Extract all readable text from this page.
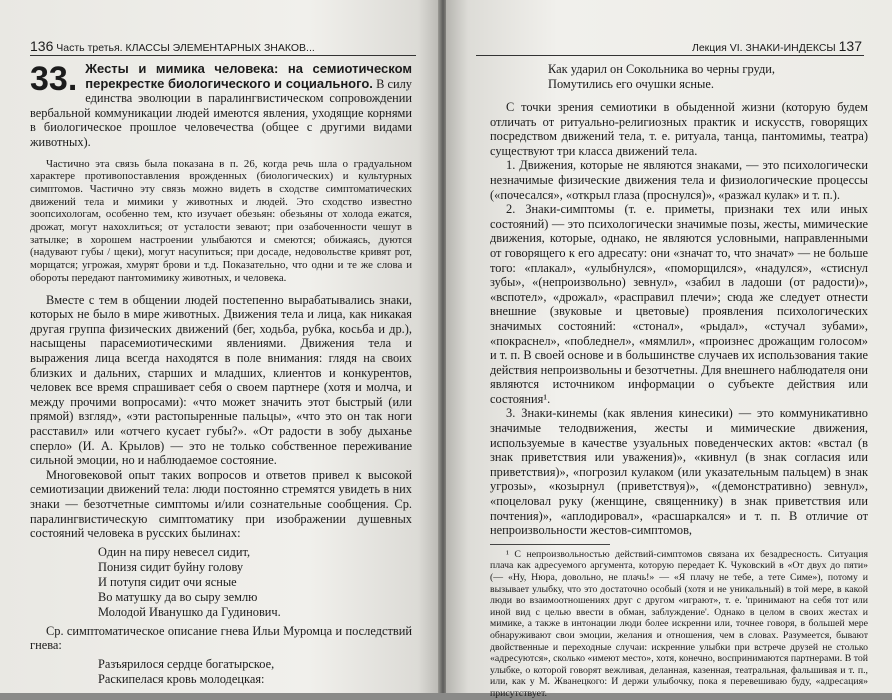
136 Часть третья. КЛАССЫ ЭЛЕМЕНТАРНЫХ ЗНАКОВ...
33. Жесты и мимика человека: на семиотическом перекрестке биологического и социального. В силу единства эволюции в паралингвистическом сопровождении вербальной коммуникации людей имеются явления, уходящие корнями в биологическое прошлое человечества (общее с другими видами животных).

Частично эта связь была показана в п. 26, когда речь шла о градуальном характере противопоставления врожденных (биологических) и культурных симптомов. Частично эту связь можно видеть в сходстве симптоматических движений тела и мимики у животных и людей. Это сходство известно зоопсихологам, особенно тем, кто изучает обезьян: обезьяны от холода ежатся, дрожат, могут нахохлиться; от усталости зевают; при озабоченности чешут в затылке; в хорошем настроении улыбаются и смеются; обижаясь, дуются (надувают губы / щеки), могут насупиться; при досаде, недовольстве кривят рот, морщатся; угрожая, хмурят брови и т.д. Показательно, что одни и те же слова и обороты передают пантомимику животных, и человека.

Вместе с тем в общении людей постепенно вырабатывались знаки, которых не было в мире животных. Движения тела и лица, как никакая другая группа физических движений (бег, ходьба, рубка, косьба и др.), насыщены парасемиотическими явлениями. Движения тела и выражения лица всегда находятся в поле внимания: глядя на своих близких и дальних, старших и младших, клиентов и конкурентов, человек все время спрашивает себя о своем партнере (хотя и молча, и между прочими вопросами): «что может значить этот быстрый (или прямой) взгляд», «эти растопыренные пальцы», «что это он так ноги расставил» или «отчего кусает губы?». «От радости в зобу дыханье сперло» (И. А. Крылов) — это не только собственное переживание сильной эмоции, но и наблюдаемое состояние.

Многовековой опыт таких вопросов и ответов привел к высокой семиотизации движений тела: люди постоянно стремятся увидеть в них знаки — безотчетные симптомы и/или сознательные сообщения. Ср. паралингвистическую симптоматику при изображении душевных состояний человека в русских былинах:

Один на пиру невесел сидит,
Понизя сидит буйну голову
И потупя сидит очи ясные
Во матушку да во сыру землю
Молодой Иванушко да Гудинович.

Ср. симптоматическое описание гнева Ильи Муромца и последствий гнева:

Разъярилося сердце богатырское,
Раскипелася кровь молодецкая:
Лекция VI. ЗНАКИ-ИНДЕКСЫ 137
Как ударил он Сокольника во черны груди,
Помутились его очушки ясные.

С точки зрения семиотики в обыденной жизни (которую будем отличать от ритуально-религиозных практик и искусств, говорящих посредством движений тела, т. е. ритуала, танца, пантомимы, театра) существуют три класса движений тела.

1. Движения, которые не являются знаками, — это психологически незначимые физические движения тела и физиологические процессы («почесался», «открыл глаза (проснулся)», «разжал кулак» и т. п.).

2. Знаки-симптомы (т. е. приметы, признаки тех или иных состояний) — это психологически значимые позы, жесты, мимические движения, которые, однако, не являются условными, направленными от говорящего к его адресату: они «значат то, что значат» — не больше того: «плакал», «улыбнулся», «поморщился», «надулся», «стиснул зубы», «(непроизвольно) зевнул», «забил в ладоши (от радости)», «вспотел», «дрожал», «расправил плечи»; сюда же следует отнести внешние (звуковые и цветовые) проявления психологических значимых состояний: «стонал», «рыдал», «стучал зубами», «покраснел», «побледнел», «мямлил», «произнес дрожащим голосом» и т. п. В своей основе и в большинстве случаев их использования такие действия непроизвольны и безотчетны. Для внешнего наблюдателя они являются источником информации о субъекте действия или состояния¹.

3. Знаки-кинемы (как явления кинесики) — это коммуникативно значимые телодвижения, жесты и мимические движения, используемые в качестве узуальных поведенческих актов: «встал (в знак приветствия или уважения)», «кивнул (в знак согласия или приветствия)», «погрозил кулаком (или указательным пальцем) в знак угрозы», «козырнул (приветствуя)», «(демонстративно) зевнул», «поцеловал руку (женщине, священнику) в знак приветствия или почтения)», «аплодировал», «расшаркался» и т. п. В отличие от непроизвольности жестов-симптомов,

¹ С непроизвольностью действий-симптомов связана их безадресность. Ситуация плача как адресуемого аргумента, которую передает К. Чуковский в «От двух до пяти» (— «Ну, Нюра, довольно, не плачь!» — «Я плачу не тебе, а тете Симе»), потому и вызывает улыбку, что это достаточно особый (хотя и не уникальный) в той мере, в какой люди во взаимоотношениях друг с другом «играют», т. е. 'принимают на себя тот или иной вид с целью ввести в обман, заблуждение'. Однако в целом в своих жестах и мимике, а также в интонации люди более искренни или, точнее говоря, в большей мере обнаруживают свои эмоции, желания и отношения, чем в словах. Разумеется, бывают двойственные и переходные случаи: искренние улыбки при встрече друзей не столько «адресуются», сколько «имеют место», хотя, конечно, воспринимаются партнерами. В той улыбке, о которой говорят вежливая, деланная, казенная, театральная, фальшивая и т. п., или, как у М. Жванецкого: И держи улыбочку, пока я перевешиваю буду, «адресация» присутствует.
